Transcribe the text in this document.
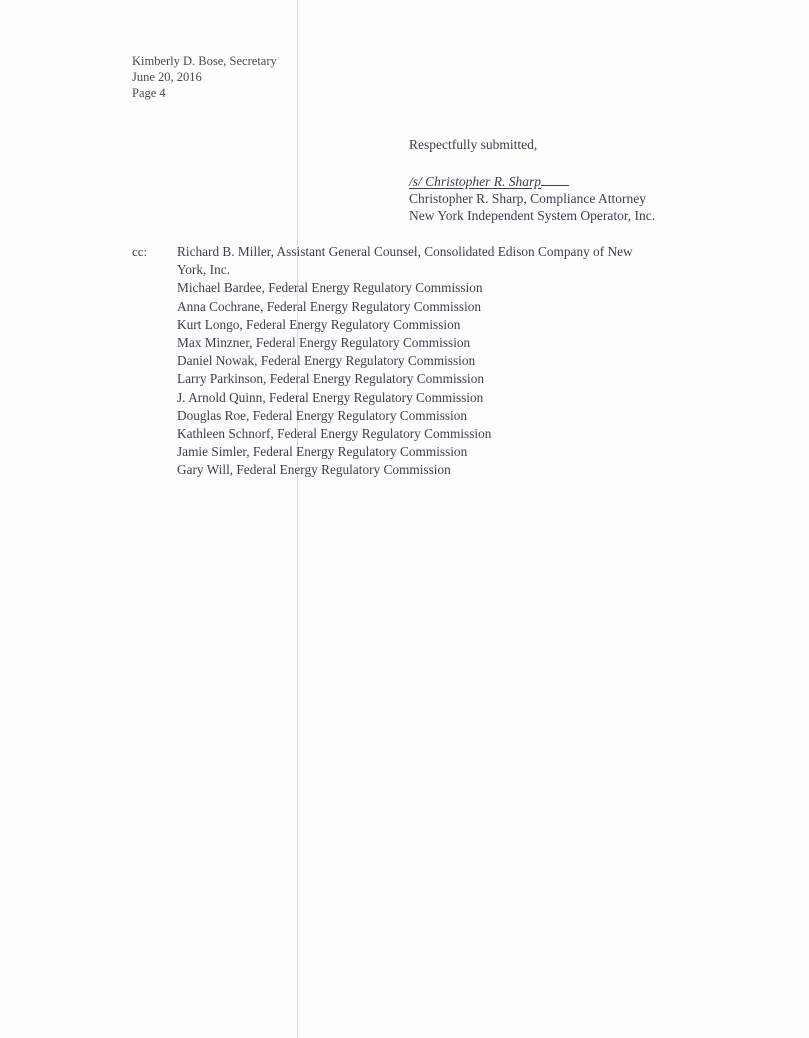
Kimberly D. Bose, Secretary
June 20, 2016
Page 4
Respectfully submitted,
/s/ Christopher R. Sharp
Christopher R. Sharp, Compliance Attorney
New York Independent System Operator, Inc.
cc: Richard B. Miller, Assistant General Counsel, Consolidated Edison Company of New
York, Inc.
Michael Bardee, Federal Energy Regulatory Commission
Anna Cochrane, Federal Energy Regulatory Commission
Kurt Longo, Federal Energy Regulatory Commission
Max Minzner, Federal Energy Regulatory Commission
Daniel Nowak, Federal Energy Regulatory Commission
Larry Parkinson, Federal Energy Regulatory Commission
J. Arnold Quinn, Federal Energy Regulatory Commission
Douglas Roe, Federal Energy Regulatory Commission
Kathleen Schnorf, Federal Energy Regulatory Commission
Jamie Simler, Federal Energy Regulatory Commission
Gary Will, Federal Energy Regulatory Commission
